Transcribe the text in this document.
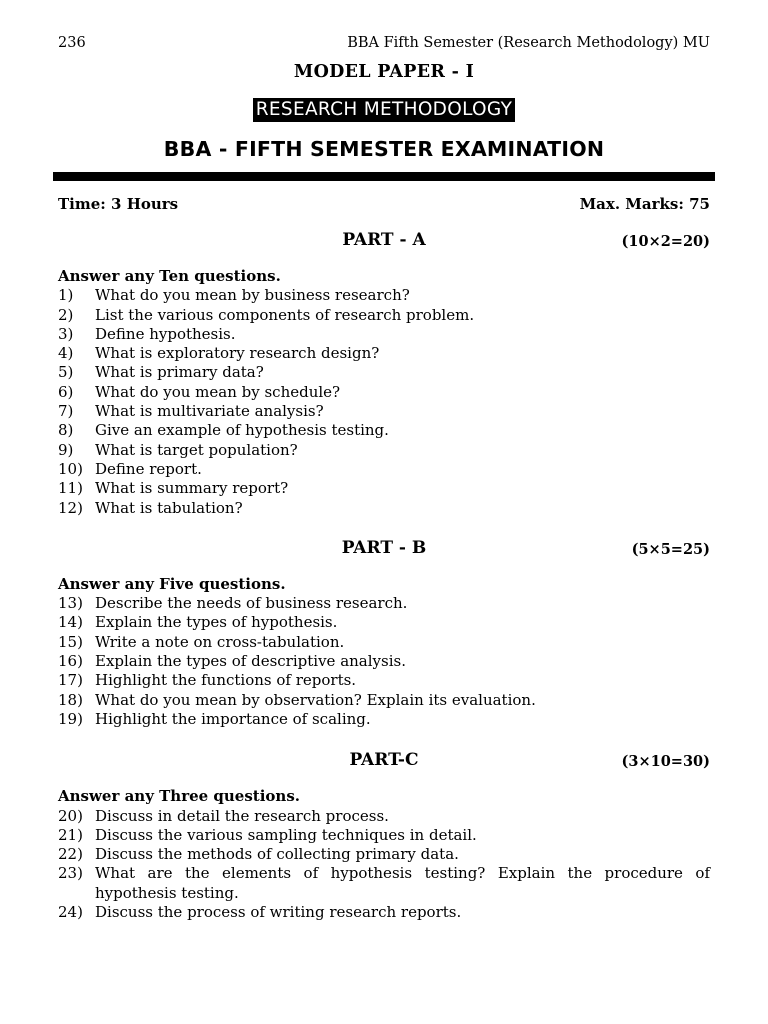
236	BBA Fifth Semester (Research Methodology) MU
MODEL PAPER - I
RESEARCH METHODOLOGY
BBA - FIFTH SEMESTER EXAMINATION
Time: 3 Hours	Max. Marks: 75
PART - A	(10×2=20)
Answer any Ten questions.
1)	What do you mean by business research?
2)	List the various components of research problem.
3)	Define hypothesis.
4)	What is exploratory research design?
5)	What is primary data?
6)	What do you mean by schedule?
7)	What is multivariate analysis?
8)	Give an example of hypothesis testing.
9)	What is target population?
10) Define report.
11) What is summary report?
12) What is tabulation?
PART - B	(5×5=25)
Answer any Five questions.
13) Describe the needs of business research.
14) Explain the types of hypothesis.
15) Write a note on cross-tabulation.
16) Explain the types of descriptive analysis.
17) Highlight the functions of reports.
18) What do you mean by observation? Explain its evaluation.
19) Highlight the importance of scaling.
PART-C	(3×10=30)
Answer any Three questions.
20) Discuss in detail the research process.
21) Discuss the various sampling techniques in detail.
22) Discuss the methods of collecting primary data.
23) What are the elements of hypothesis testing? Explain the procedure of hypothesis testing.
24) Discuss the process of writing research reports.
